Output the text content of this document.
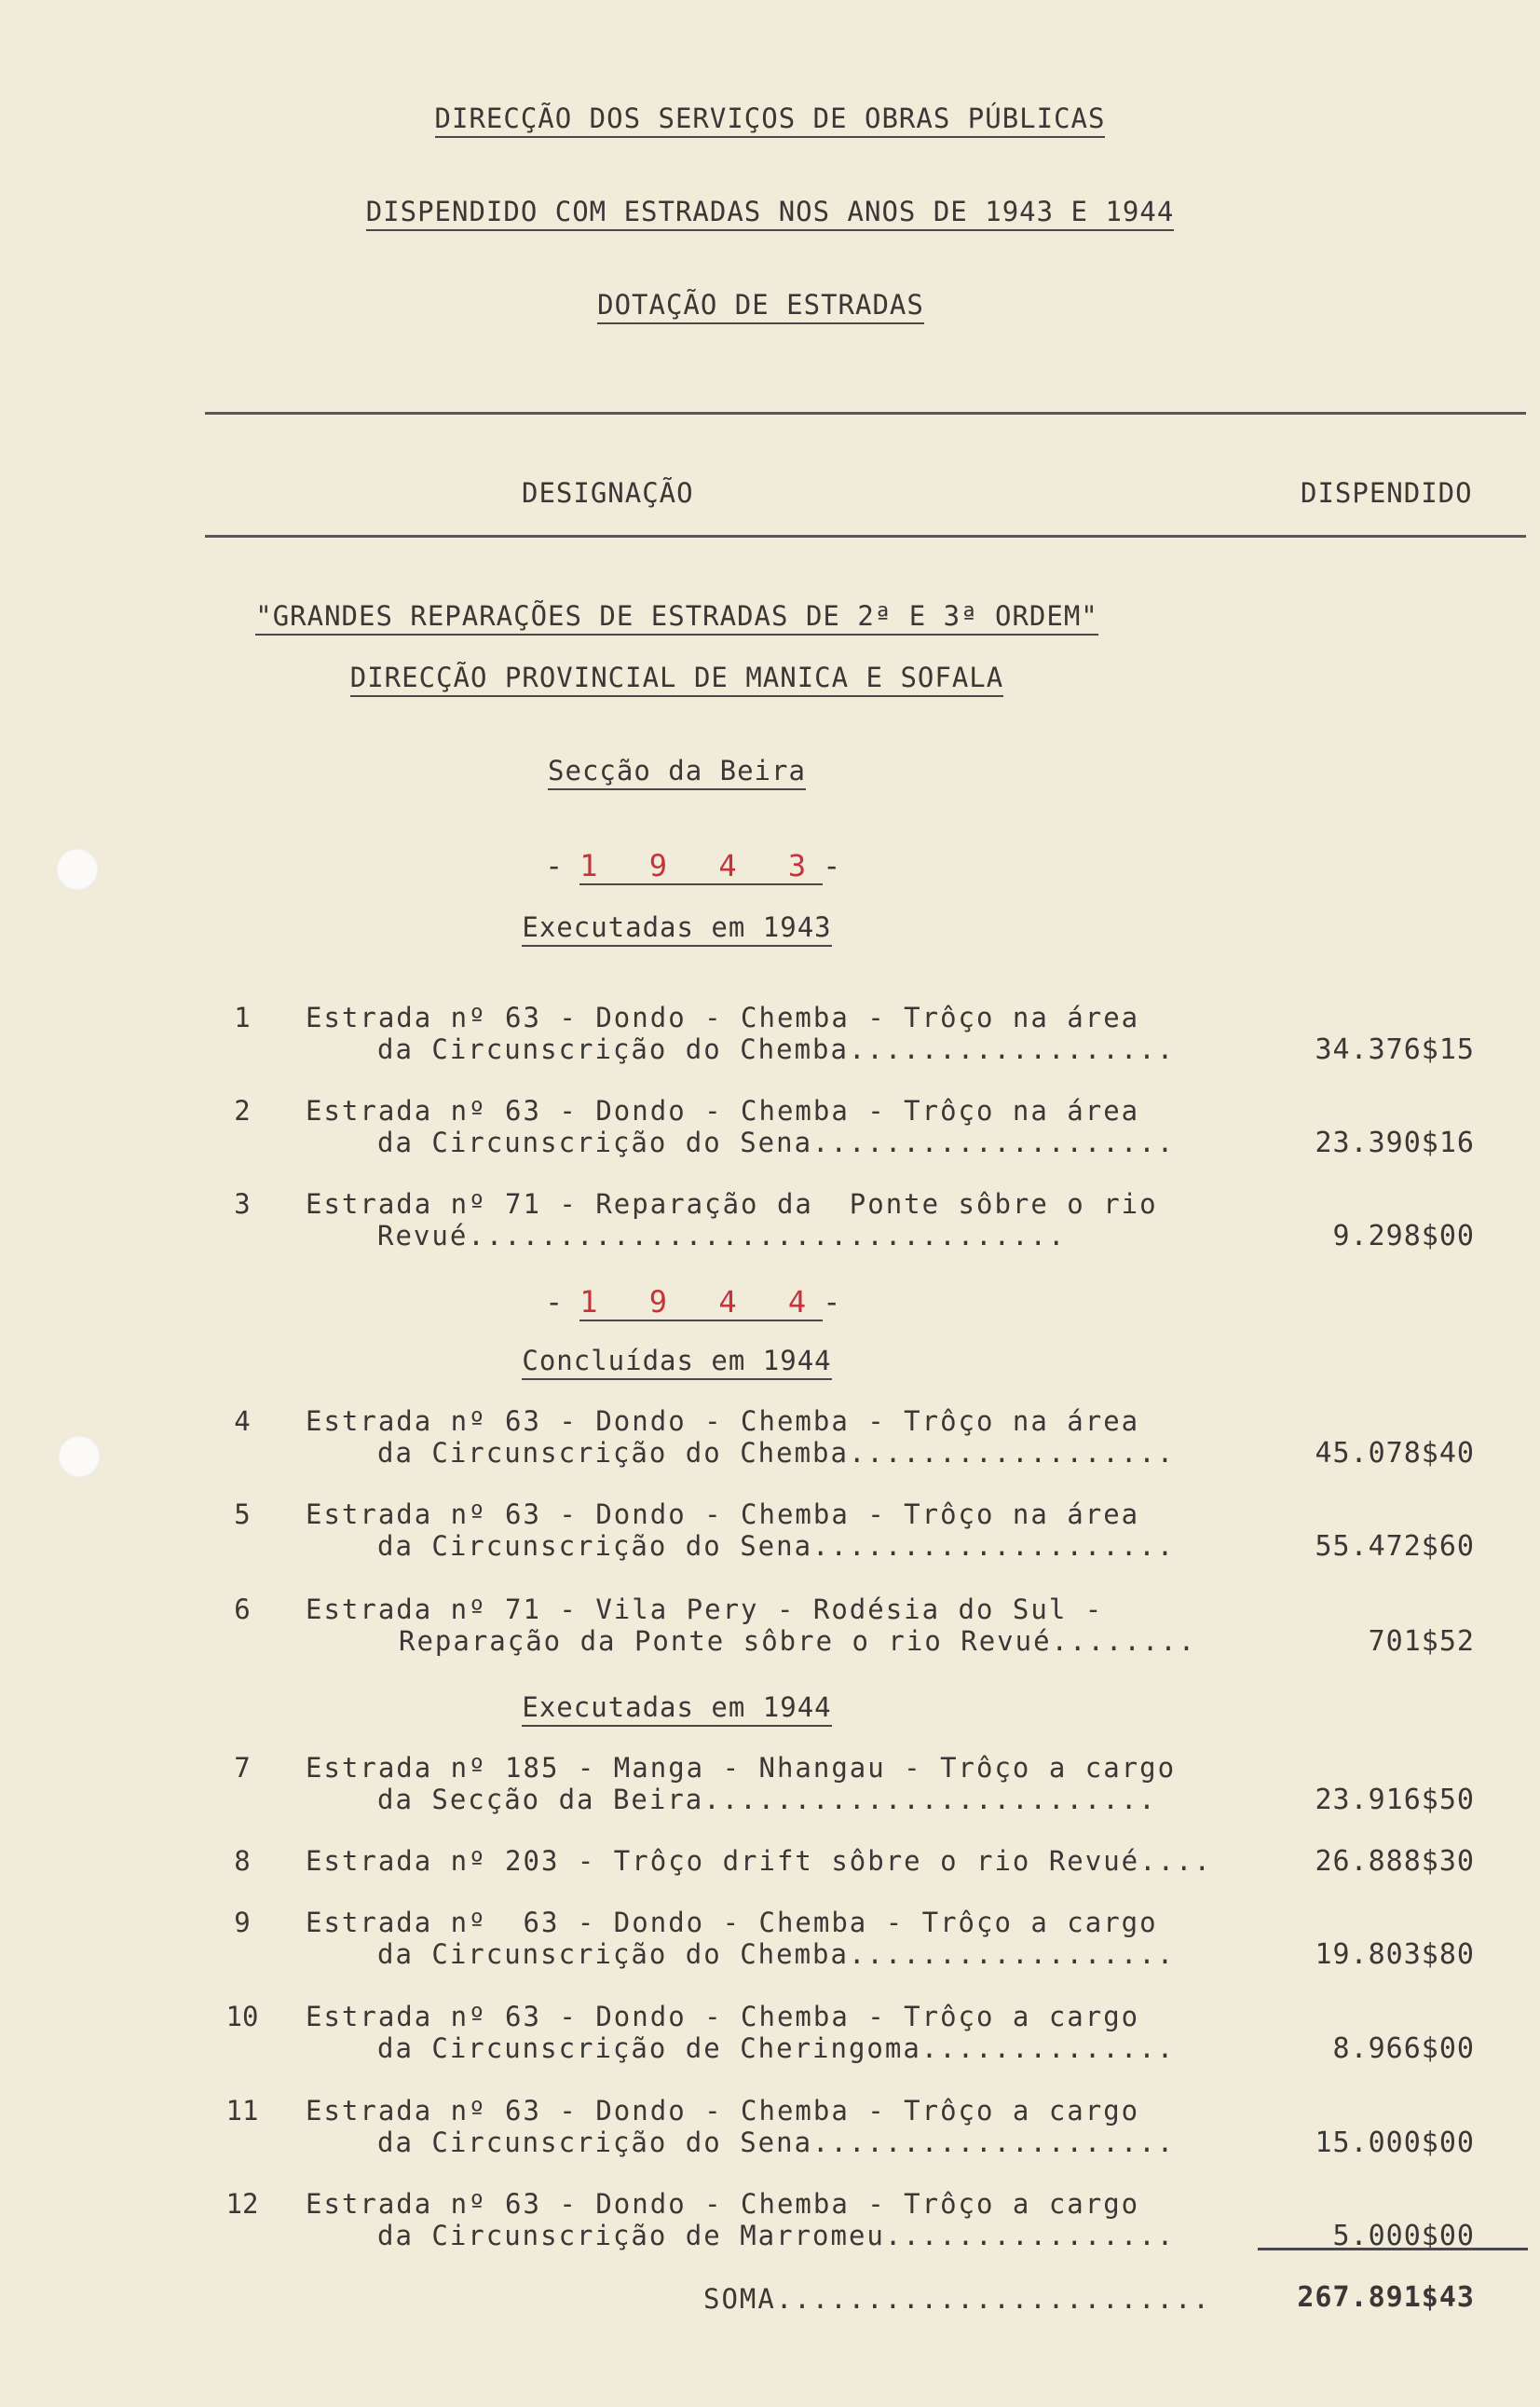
DIRECÇÃO DOS SERVIÇOS DE OBRAS PÚBLICAS
DISPENDIDO COM ESTRADAS NOS ANOS DE 1943 E 1944
DOTAÇÃO DE ESTRADAS
DESIGNAÇÃO	DISPENDIDO
"GRANDES REPARAÇÕES DE ESTRADAS DE 2ª E 3ª ORDEM"
DIRECÇÃO PROVINCIAL DE MANICA E SOFALA
Secção da Beira
-1 9 4 3-
Executadas em 1943
-1 9 4 4-
Concluídas em 1944
Executadas em 1944
1	Estrada nº 63 - Dondo - Chemba - Trôço na área
da Circunscrição do Chemba..................	34.376$15
2	Estrada nº 63 - Dondo - Chemba - Trôço na área
da Circunscrição do Sena....................	23.390$16
3	Estrada nº 71 - Reparação da  Ponte sôbre o rio
Revué.................................	9.298$00
4	Estrada nº 63 - Dondo - Chemba - Trôço na área
da Circunscrição do Chemba..................	45.078$40
5	Estrada nº 63 - Dondo - Chemba - Trôço na área
da Circunscrição do Sena....................	55.472$60
6	Estrada nº 71 - Vila Pery - Rodésia do Sul -
Reparação da Ponte sôbre o rio Revué........	701$52
7	Estrada nº 185 - Manga - Nhangau - Trôço a cargo
da Secção da Beira.........................	23.916$50
8	Estrada nº 203 - Trôço drift sôbre o rio Revué....	26.888$30
9	Estrada nº  63 - Dondo - Chemba - Trôço a cargo
da Circunscrição do Chemba..................	19.803$80
10 Estrada nº 63 - Dondo - Chemba - Trôço a cargo
da Circunscrição de Cheringoma..............	8.966$00
11 Estrada nº 63 - Dondo - Chemba - Trôço a cargo
da Circunscrição do Sena....................	15.000$00
12 Estrada nº 63 - Dondo - Chemba - Trôço a cargo
da Circunscrição de Marromeu................	5.000$00
SOMA........................	267.891$43
